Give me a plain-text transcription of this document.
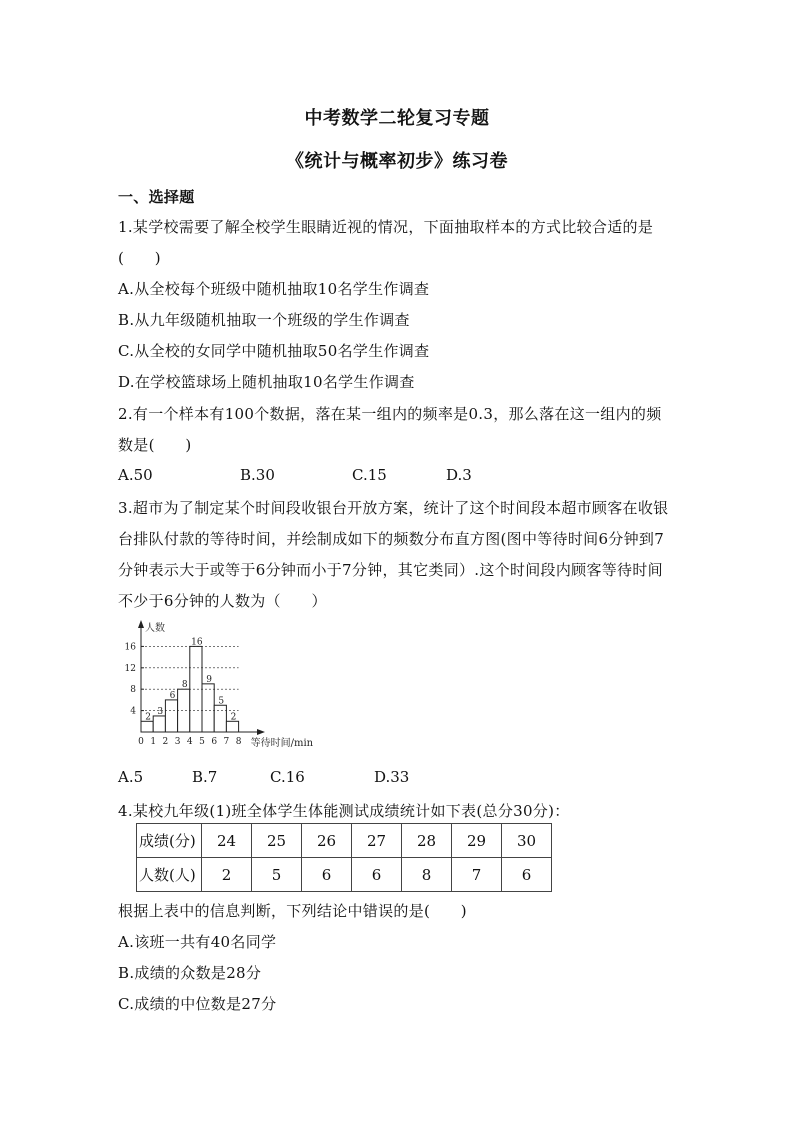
中考数学二轮复习专题
《统计与概率初步》练习卷
一、选择题
1.某学校需要了解全校学生眼睛近视的情况，下面抽取样本的方式比较合适的是
(　　)
A.从全校每个班级中随机抽取10名学生作调查
B.从九年级随机抽取一个班级的学生作调查
C.从全校的女同学中随机抽取50名学生作调查
D.在学校篮球场上随机抽取10名学生作调查
2.有一个样本有100个数据，落在某一组内的频率是0.3，那么落在这一组内的频
数是(　　)
A.50	B.30	C.15	D.3
3.超市为了制定某个时间段收银台开放方案，统计了这个时间段本超市顾客在收银
台排队付款的等待时间，并绘制成如下的频数分布直方图(图中等待时间6分钟到7
分钟表示大于或等于6分钟而小于7分钟，其它类同）.这个时间段内顾客等待时间
不少于6分钟的人数为（　　）
2
3
6
8
16
9
5
2
4
8
12
16
0 1 2 3 4 5 6 7 8
人数
等待时间/min
A.5	B.7	C.16	D.33
4.某校九年级(1)班全体学生体能测试成绩统计如下表(总分30分)：
成绩(分)	24	25	26	27	28	29	30
人数(人)	2	5	6	6	8	7	6
根据上表中的信息判断，下列结论中错误的是(　　)
A.该班一共有40名同学
B.成绩的众数是28分
C.成绩的中位数是27分
